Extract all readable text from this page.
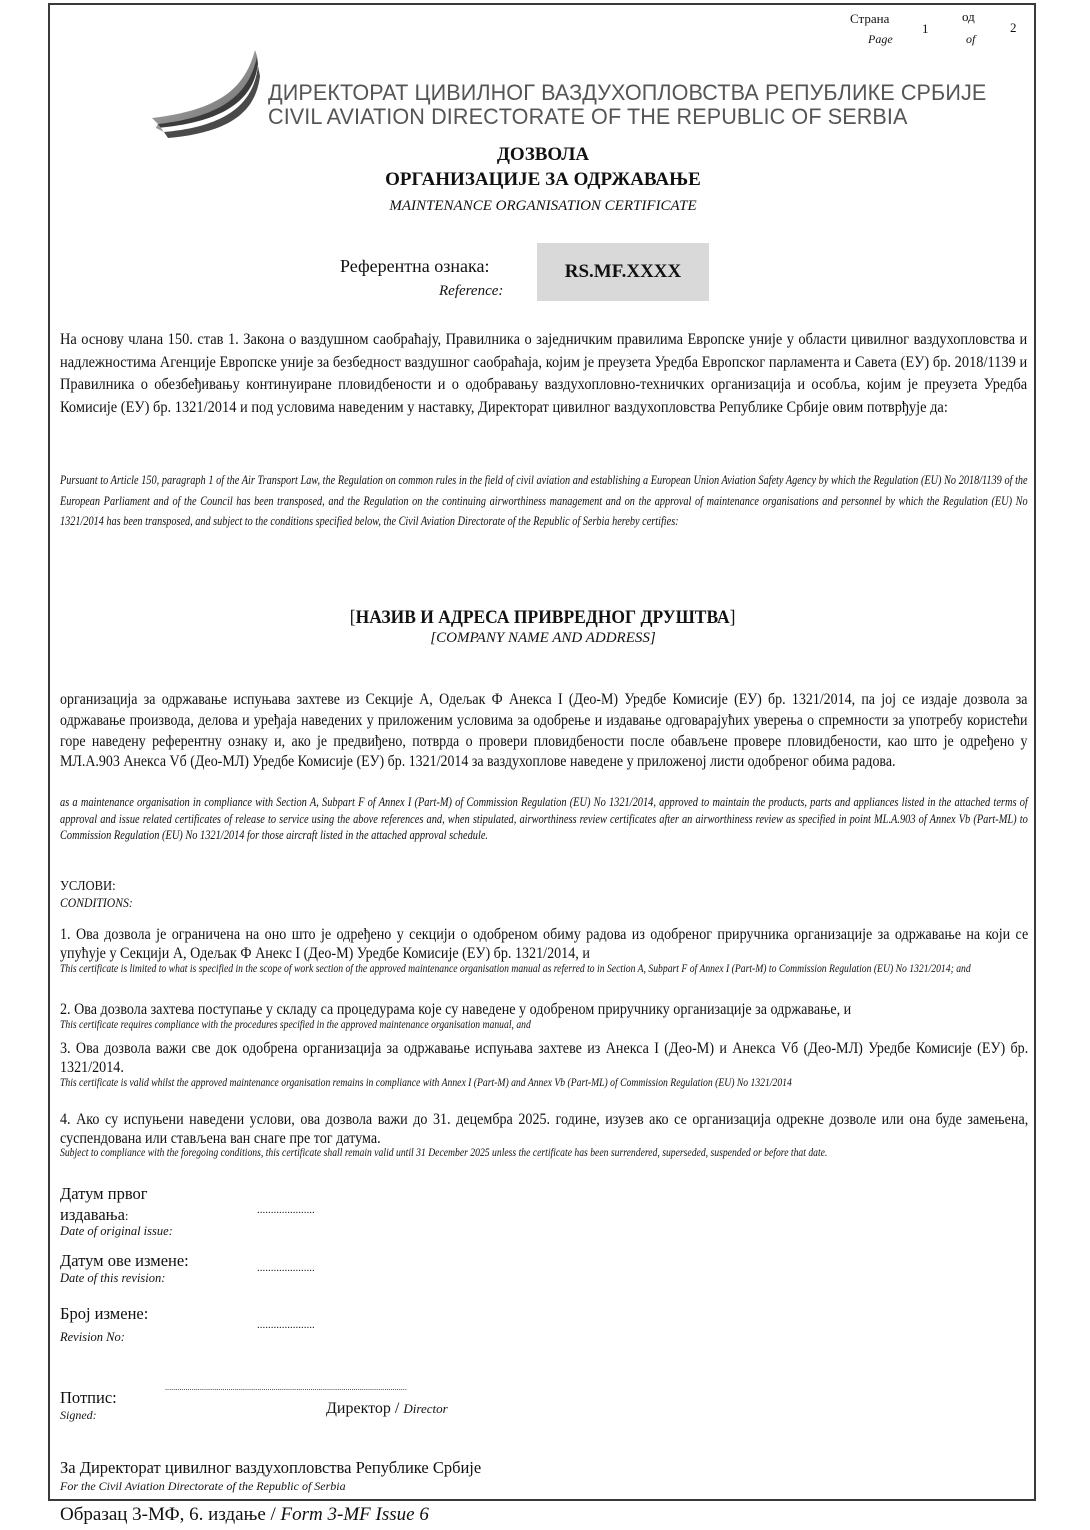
Страна
Page
1
од
of
2
ДИРЕКТОРАТ ЦИВИЛНОГ ВАЗДУХОПЛОВСТВА РЕПУБЛИКЕ СРБИЈЕ
CIVIL AVIATION DIRECTORATE OF THE REPUBLIC OF SERBIA
ДОЗВОЛА
ОРГАНИЗАЦИЈЕ ЗА ОДРЖАВАЊЕ
MAINTENANCE ORGANISATION CERTIFICATE
Референтна ознака:
Reference:
RS.MF.XXXX
На основу члана 150. став 1. Закона о ваздушном саобраћају, Правилника о заједничким правилима Европске уније у области цивилног ваздухопловства и надлежностима Агенције Европске уније за безбедност ваздушног саобраћаја, којим је преузета Уредба Европског парламента и Савета (ЕУ) бр. 2018/1139 и Правилника о обезбеђивању континуиране пловидбености и о одобравању ваздухопловно-техничких организација и особља, којим је преузета Уредба Комисије (ЕУ) бр. 1321/2014 и под условима наведеним у наставку, Директорат цивилног ваздухопловства Републике Србије овим потврђује да:
Pursuant to Article 150, paragraph 1 of the Air Transport Law, the Regulation on common rules in the field of civil aviation and establishing a European Union Aviation Safety Agency by which the Regulation (EU) No 2018/1139 of the European Parliament and of the Council has been transposed, and the Regulation on the continuing airworthiness management and on the approval of maintenance organisations and personnel by which the Regulation (EU) No 1321/2014 has been transposed, and subject to the conditions specified below, the Civil Aviation Directorate of the Republic of Serbia hereby certifies:
[НАЗИВ И АДРЕСА ПРИВРЕДНОГ ДРУШТВА]
[COMPANY NAME AND ADDRESS]
организација за одржавање испуњава захтеве из Секције А, Одељак Ф Анекса I (Део-М) Уредбе Комисије (ЕУ) бр. 1321/2014, па јој се издаје дозвола за одржавање производа, делова и уређаја наведених у приложеним условима за одобрење и издавање одговарајућих уверења о спремности за употребу користећи горе наведену референтну ознаку и, ако је предвиђено, потврда о провери пловидбености после обављене провере пловидбености, као што је одређено у МЛ.А.903 Анекса Vб (Део-МЛ) Уредбе Комисије (ЕУ) бр. 1321/2014 за ваздухоплове наведене у приложеној листи одобреног обима радова.
as a maintenance organisation in compliance with Section A, Subpart F of Annex I (Part-M) of Commission Regulation (EU) No 1321/2014, approved to maintain the products, parts and appliances listed in the attached terms of approval and issue related certificates of release to service using the above references and, when stipulated, airworthiness review certificates after an airworthiness review as specified in point ML.A.903 of Annex Vb (Part-ML) to Commission Regulation (EU) No 1321/2014 for those aircraft listed in the attached approval schedule.
УСЛОВИ:
CONDITIONS:
1. Ова дозвола је ограничена на оно што је одређено у секцији о одобреном обиму радова из одобреног приручника организације за одржавање на који се упућује у Секцији А, Одељак Ф Анекс I (Део-М) Уредбе Комисије (ЕУ) бр. 1321/2014, и
This certificate is limited to what is specified in the scope of work section of the approved maintenance organisation manual as referred to in Section A, Subpart F of Annex I (Part-M) to Commission Regulation (EU) No 1321/2014; and
2. Ова дозвола захтева поступање у складу са процедурама које су наведене у одобреном приручнику организације за одржавање, и
This certificate requires compliance with the procedures specified in the approved maintenance organisation manual, and
3. Ова дозвола важи све док одобрена организација за одржавање испуњава захтеве из Анекса I (Део-М) и Анекса Vб (Део-МЛ) Уредбе Комисије (ЕУ) бр. 1321/2014.
This certificate is valid whilst the approved maintenance organisation remains in compliance with Annex I (Part-M) and Annex Vb (Part-ML) of Commission Regulation (EU) No 1321/2014
4. Ако су испуњени наведени услови, ова дозвола важи до 31. децембра 2025. године, изузев ако се организација одрекне дозволе или она буде замењена, суспендована или стављена ван снаге пре тог датума.
Subject to compliance with the foregoing conditions, this certificate shall remain valid until 31 December 2025 unless the certificate has been surrendered, superseded, suspended or before that date.
Датум првог
издавања:
Date of original issue:
.....................
Датум ове измене:
Date of this revision:
.....................
Број измене:
Revision No:
.....................
Потпис:
Signed:
......................................................................................................................
Директор / Director
За Директорат цивилног ваздухопловства Републике Србије
For the Civil Aviation Directorate of the Republic of Serbia
Образац 3-МФ, 6. издање / Form 3-MF Issue 6
